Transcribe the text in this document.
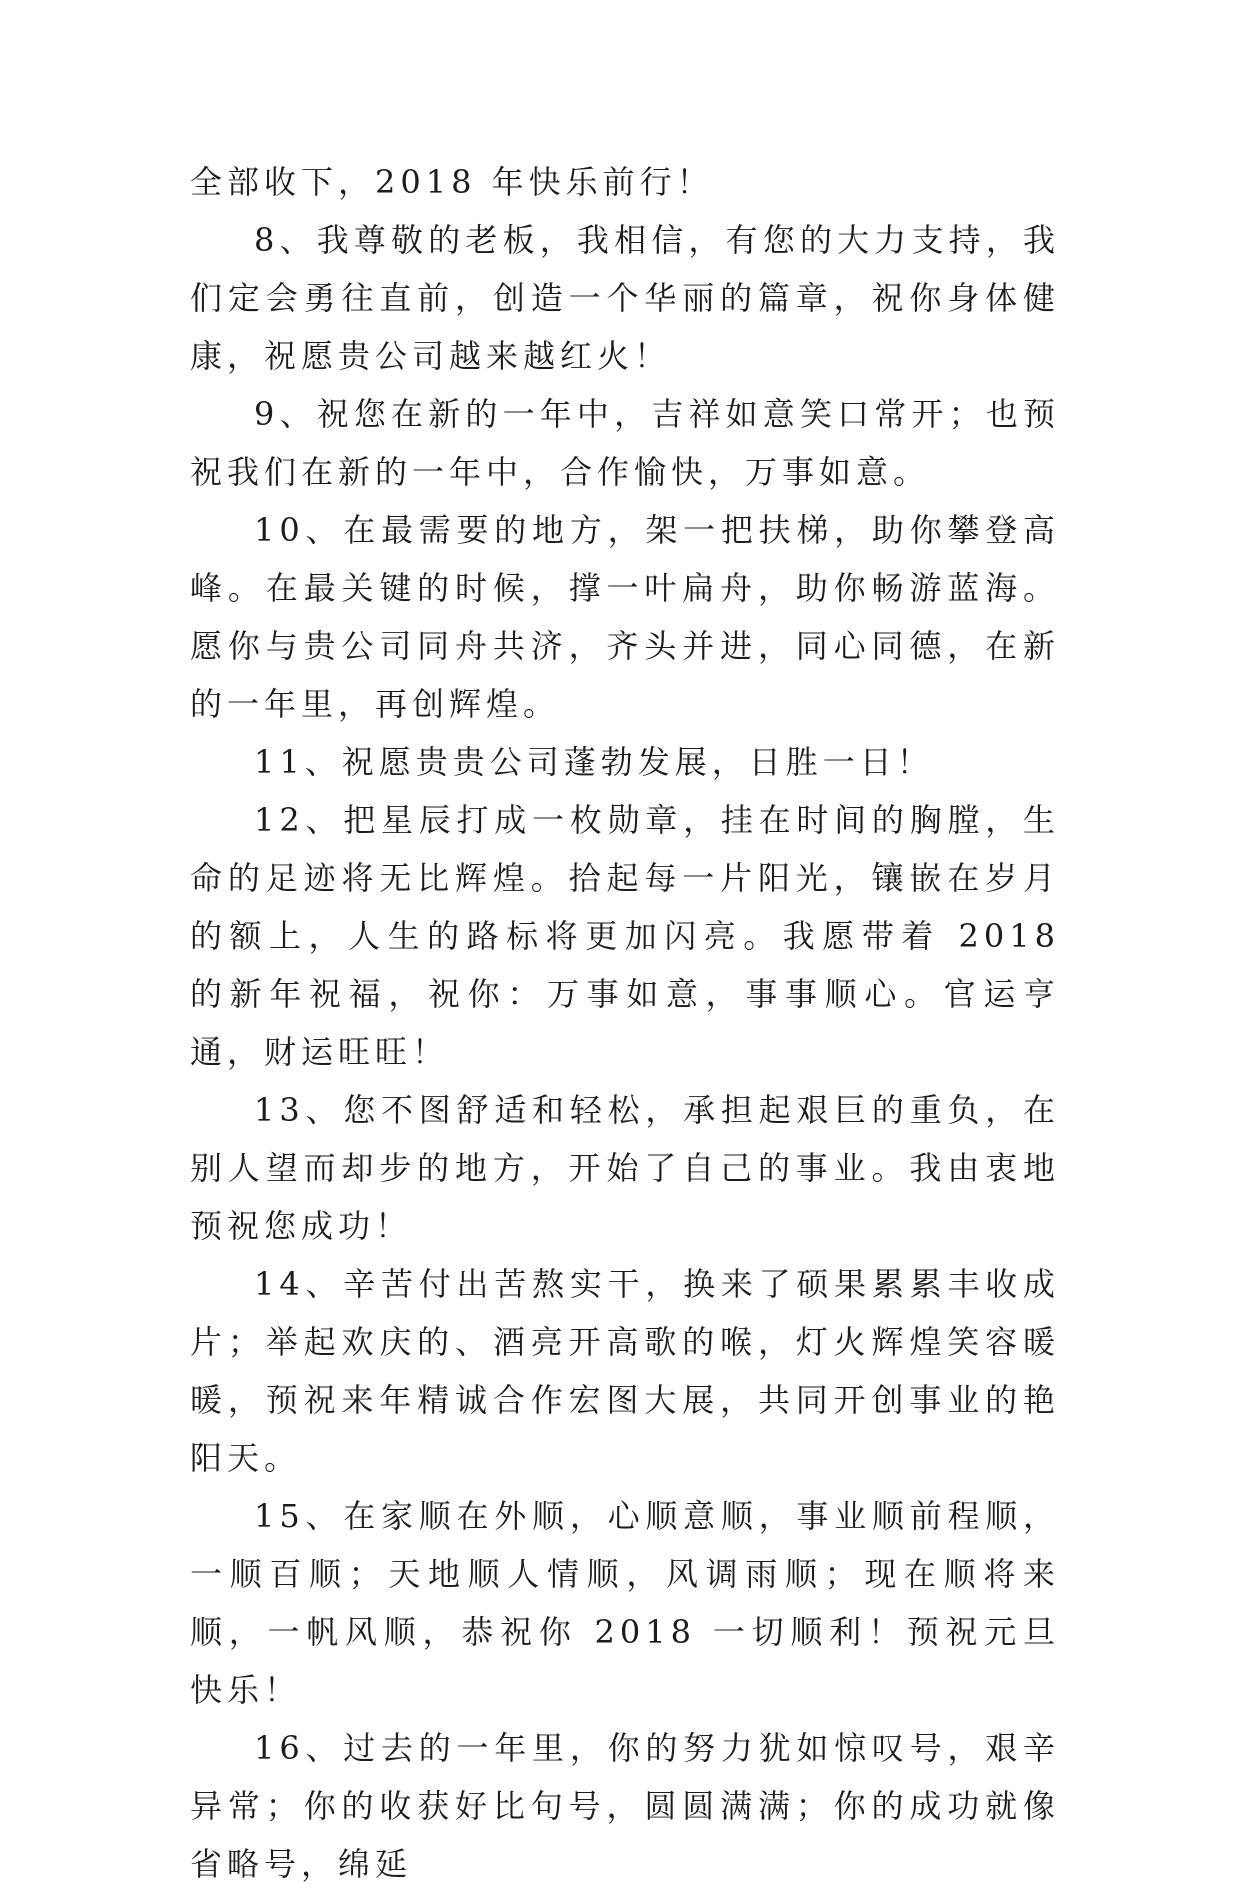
全部收下，2018 年快乐前行！

8、我尊敬的老板，我相信，有您的大力支持，我们定会勇往直前，创造一个华丽的篇章，祝你身体健康，祝愿贵公司越来越红火！

9、祝您在新的一年中，吉祥如意笑口常开；也预祝我们在新的一年中，合作愉快，万事如意。

10、在最需要的地方，架一把扶梯，助你攀登高峰。在最关键的时候，撑一叶扁舟，助你畅游蓝海。愿你与贵公司同舟共济，齐头并进，同心同德，在新的一年里，再创辉煌。

11、祝愿贵贵公司蓬勃发展，日胜一日！

12、把星辰打成一枚勋章，挂在时间的胸膛，生命的足迹将无比辉煌。拾起每一片阳光，镶嵌在岁月的额上，人生的路标将更加闪亮。我愿带着 2018 的新年祝福，祝你：万事如意，事事顺心。官运亨通，财运旺旺！

13、您不图舒适和轻松，承担起艰巨的重负，在别人望而却步的地方，开始了自己的事业。我由衷地预祝您成功！

14、辛苦付出苦熬实干，换来了硕果累累丰收成片；举起欢庆的、酒亮开高歌的喉，灯火辉煌笑容暖暖，预祝来年精诚合作宏图大展，共同开创事业的艳阳天。

15、在家顺在外顺，心顺意顺，事业顺前程顺，一顺百顺；天地顺人情顺，风调雨顺；现在顺将来顺，一帆风顺，恭祝你 2018 一切顺利！预祝元旦快乐！

16、过去的一年里，你的努力犹如惊叹号，艰辛异常；你的收获好比句号，圆圆满满；你的成功就像省略号，绵延
